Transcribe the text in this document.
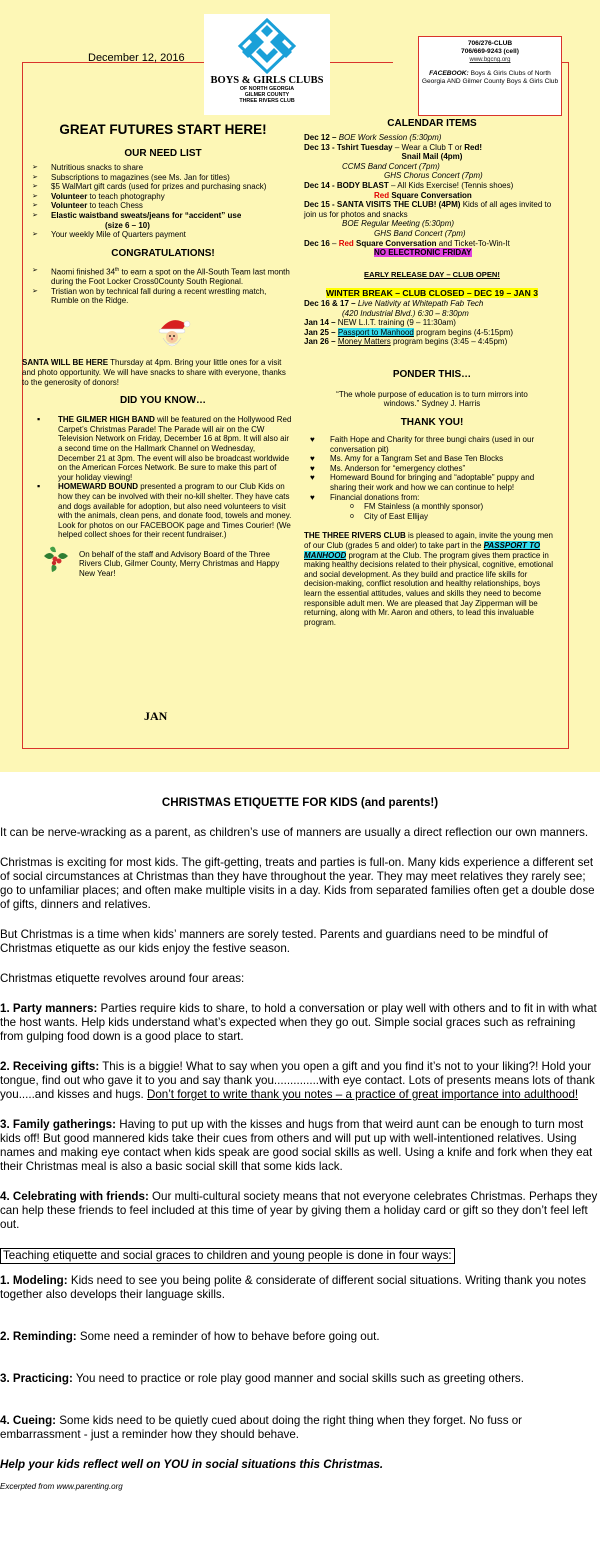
December 12, 2016
BOYS & GIRLS CLUBS
OF NORTH GEORGIA
GILMER COUNTY
THREE RIVERS CLUB
706/276-CLUB
706/669-9243 (cell)
www.bgcng.org
FACEBOOK: Boys & Girls Clubs of North Georgia AND Gilmer County Boys & Girls Club
GREAT FUTURES START HERE!
OUR NEED LIST
➢ Nutritious snacks to share
➢ Subscriptions to magazines (see Ms. Jan for titles)
➢ $5 WalMart gift cards (used for prizes and purchasing snack)
➢ Volunteer to teach photography
➢ Volunteer to teach Chess
➢ Elastic waistband sweats/jeans for “accident” use
(size 6 – 10)
➢ Your weekly Mile of Quarters payment
CONGRATULATIONS!
➢ Naomi finished 34th to earn a spot on the All-South Team last month during the Foot Locker Cross0County South Regional.
➢ Tristian won by technical fall during a recent wrestling match, Rumble on the Ridge.
SANTA WILL BE HERE Thursday at 4pm. Bring your little ones for a visit and photo opportunity. We will have snacks to share with everyone, thanks to the generosity of donors!
DID YOU KNOW…
▪ THE GILMER HIGH BAND will be featured on the Hollywood Red Carpet’s Christmas Parade! The Parade will air on the CW Television Network on Friday, December 16 at 8pm. It will also air a second time on the Hallmark Channel on Wednesday, December 21 at 3pm. The event will also be broadcast worldwide on the American Forces Network. Be sure to make this part of your holiday viewing!
▪ HOMEWARD BOUND presented a program to our Club Kids on how they can be involved with their no-kill shelter. They have cats and dogs available for adoption, but also need volunteers to visit with the animals, clean pens, and donate food, towels and money. Look for photos on our FACEBOOK page and Times Courier! (We helped collect shoes for their recent fundraiser.)
On behalf of the staff and Advisory Board of the Three Rivers Club, Gilmer County, Merry Christmas and Happy New Year!
JAN
CALENDAR ITEMS

Dec 12 – BOE Work Session (5:30pm)

Dec 13 - Tshirt Tuesday – Wear a Club T or Red!

Snail Mail (4pm)

CCMS Band Concert (7pm)

GHS Chorus Concert (7pm)

Dec 14 - BODY BLAST – All Kids Exercise! (Tennis shoes)

Red Square Conversation

Dec 15 - SANTA VISITS THE CLUB! (4PM) Kids of all ages invited to join us for photos and snacks

BOE Regular Meeting (5:30pm)

GHS Band Concert (7pm)

Dec 16 – Red Square Conversation and Ticket-To-Win-It

NO ELECTRONIC FRIDAY

EARLY RELEASE DAY – CLUB OPEN!

WINTER BREAK – CLUB CLOSED – DEC 19 – JAN 3

Dec 16 & 17 – Live Nativity at Whitepath Fab Tech

(420 Industrial Blvd.) 6:30 – 8:30pm

Jan 14 – NEW L.I.T. training (9 – 11:30am)

Jan 25 – Passport to Manhood program begins (4-5:15pm)

Jan 26 – Money Matters program begins (3:45 – 4:45pm)

PONDER THIS…
“The whole purpose of education is to turn mirrors into windows.” Sydney J. Harris
THANK YOU!
♥ Faith Hope and Charity for three bungi chairs (used in our conversation pit)
♥ Ms. Amy for a Tangram Set and Base Ten Blocks
♥ Ms. Anderson for “emergency clothes”
♥ Homeward Bound for bringing and “adoptable” puppy and sharing their work and how we can continue to help!
♥ Financial donations from:
o FM Stainless (a monthly sponsor)
o City of East Ellijay
THE THREE RIVERS CLUB is pleased to again, invite the young men of our Club (grades 5 and older) to take part in the PASSPORT TO MANHOOD program at the Club. The program gives them practice in making healthy decisions related to their physical, cognitive, emotional and social development. As they build and practice life skills for decision-making, conflict resolution and healthy relationships, boys learn the essential attitudes, values and skills they need to become responsible adult men. We are pleased that Jay Zipperman will be returning, along with Mr. Aaron and others, to lead this invaluable program.

CHRISTMAS ETIQUETTE FOR KIDS (and parents!)

It can be nerve-wracking as a parent, as children’s use of manners are usually a direct reflection our own manners.

Christmas is exciting for most kids. The gift-getting, treats and parties is full-on. Many kids experience a different set of social circumstances at Christmas than they have throughout the year. They may meet relatives they rarely see; go to unfamiliar places; and often make multiple visits in a day. Kids from separated families often get a double dose of gifts, dinners and relatives.

But Christmas is a time when kids’ manners are sorely tested. Parents and guardians need to be mindful of Christmas etiquette as our kids enjoy the festive season.

Christmas etiquette revolves around four areas:

1. Party manners: Parties require kids to share, to hold a conversation or play well with others and to fit in with what the host wants. Help kids understand what’s expected when they go out. Simple social graces such as refraining from gulping food down is a good place to start.

2. Receiving gifts: This is a biggie! What to say when you open a gift and you find it’s not to your liking?! Hold your tongue, find out who gave it to you and say thank you..............with eye contact. Lots of presents means lots of thank you.....and kisses and hugs. Don’t forget to write thank you notes – a practice of great importance into adulthood!

3. Family gatherings: Having to put up with the kisses and hugs from that weird aunt can be enough to turn most kids off! But good mannered kids take their cues from others and will put up with well-intentioned relatives. Using names and making eye contact when kids speak are good social skills as well. Using a knife and fork when they eat their Christmas meal is also a basic social skill that some kids lack.

4. Celebrating with friends: Our multi-cultural society means that not everyone celebrates Christmas. Perhaps they can help these friends to feel included at this time of year by giving them a holiday card or gift so they don’t feel left out.

Teaching etiquette and social graces to children and young people is done in four ways:

1. Modeling: Kids need to see you being polite & considerate of different social situations. Writing thank you notes together also develops their language skills.

2. Reminding: Some need a reminder of how to behave before going out.

3. Practicing: You need to practice or role play good manner and social skills such as greeting others.

4. Cueing: Some kids need to be quietly cued about doing the right thing when they forget. No fuss or embarrassment - just a reminder how they should behave.

Help your kids reflect well on YOU in social situations this Christmas.

Excerpted from www.parenting.org
